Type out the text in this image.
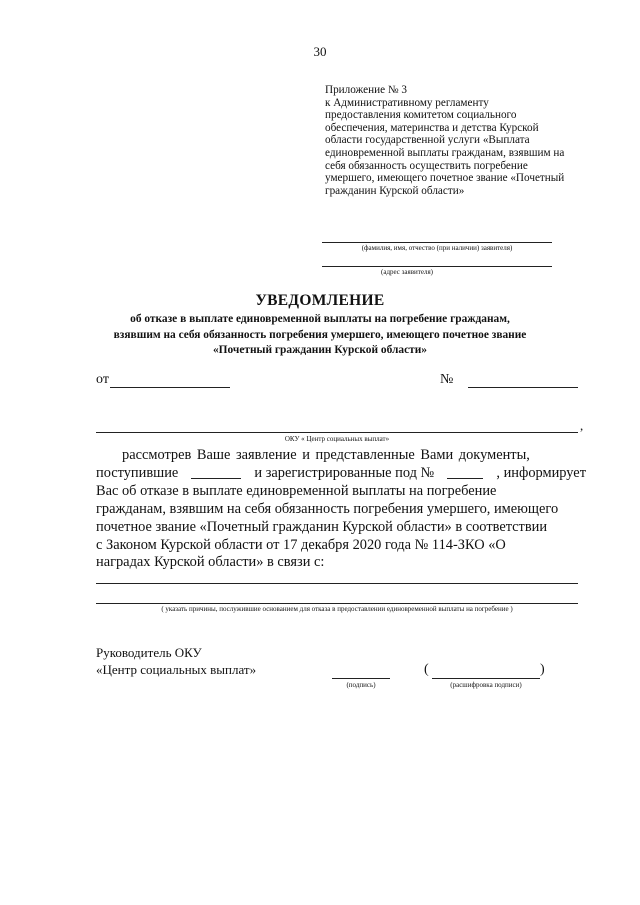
30
Приложение № 3
к Административному регламенту
предоставления комитетом социального
обеспечения, материнства и детства Курской
области государственной услуги «Выплата
единовременной выплаты гражданам, взявшим на
себя обязанность осуществить погребение
умершего, имеющего почетное звание «Почетный
гражданин Курской области»
(фамилия, имя, отчество (при наличии) заявителя)
(адрес заявителя)
УВЕДОМЛЕНИЕ
об отказе в выплате единовременной выплаты на погребение гражданам,
взявшим на себя обязанность погребения умершего, имеющего почетное звание
«Почетный гражданин Курской области»
от	№
,
ОКУ « Центр социальных выплат»
рассмотрев Ваше заявление и представленные Вами документы,
поступившие	и зарегистрированные под №	, информирует
Вас об отказе в выплате единовременной выплаты на погребение
гражданам, взявшим на себя обязанность погребения умершего, имеющего
почетное звание «Почетный гражданин Курской области» в соответствии
с Законом Курской области от 17 декабря 2020 года № 114-ЗКО «О
наградах Курской области» в связи с:
( указать причины, послужившие основанием для отказа в предоставлении единовременной выплаты на погребение )
Руководитель ОКУ
«Центр социальных выплат»
(подпись)
(	)
(расшифровка подписи)
